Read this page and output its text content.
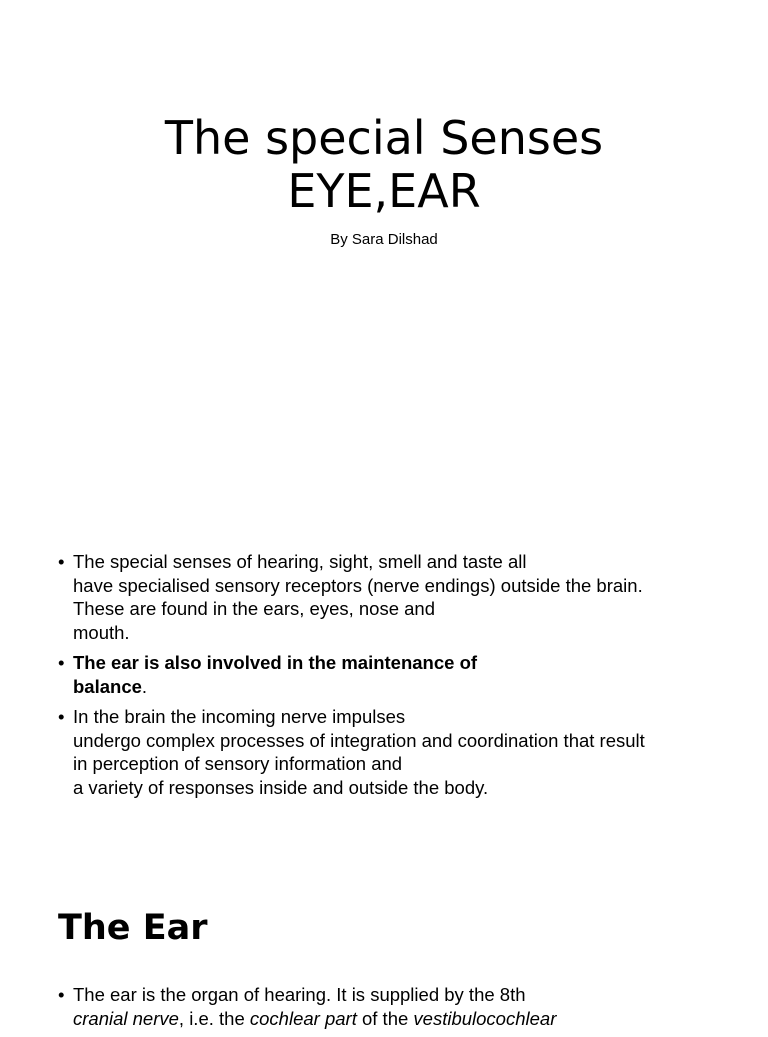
The special Senses
EYE,EAR
By Sara Dilshad
• The special senses of hearing, sight, smell and taste all
have specialised sensory receptors (nerve endings) outside the brain.
These are found in the ears, eyes, nose and
mouth.
• The ear is also involved in the maintenance of
balance.
• In the brain the incoming nerve impulses
undergo complex processes of integration and coordination that result
in perception of sensory information and
a variety of responses inside and outside the body.
The Ear
• The ear is the organ of hearing. It is supplied by the 8th
cranial nerve, i.e. the cochlear part of the vestibulocochlear
